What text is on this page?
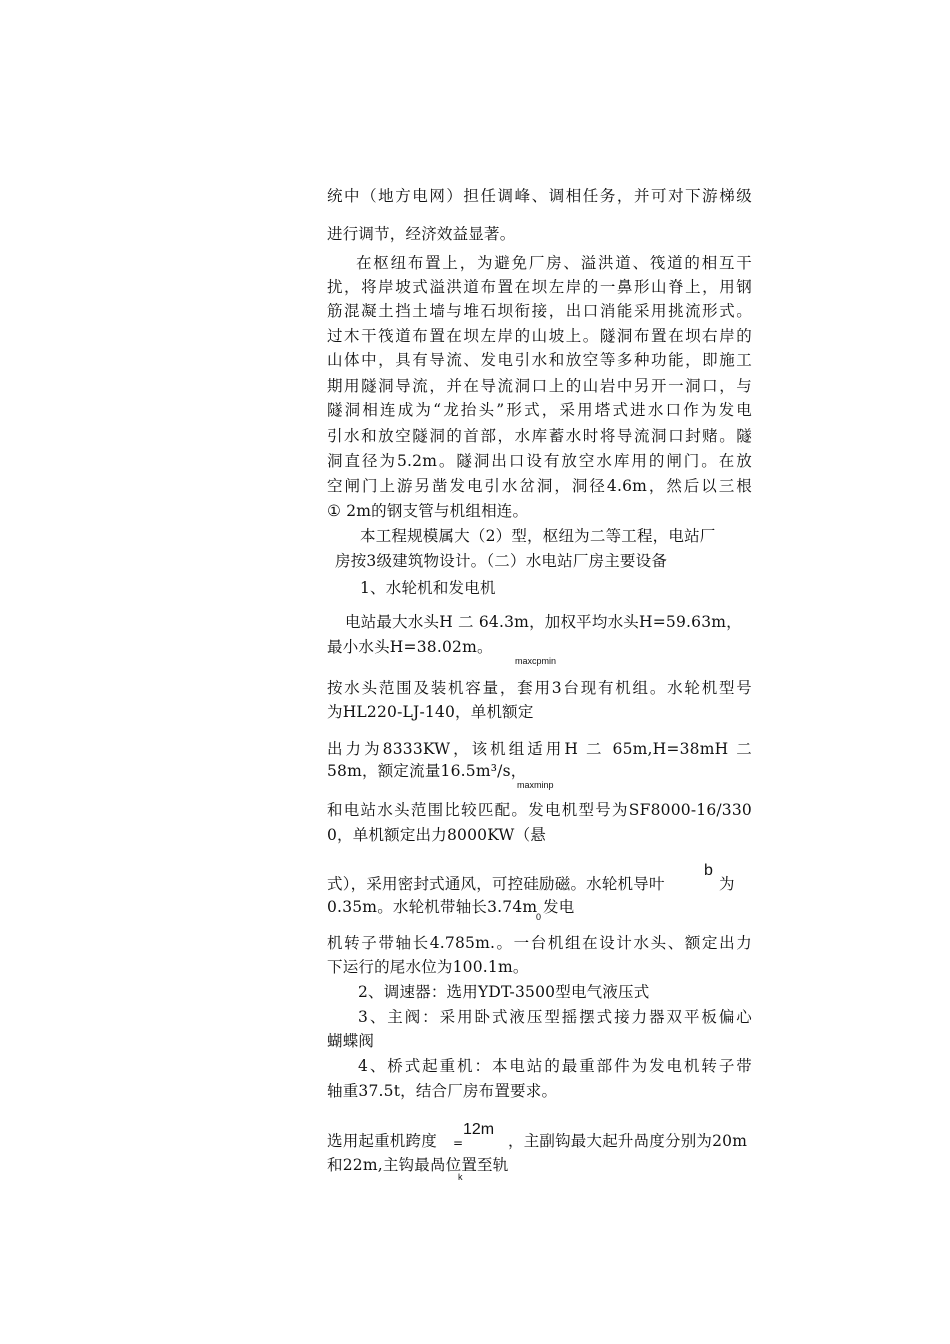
统中（地方电网）担任调峰、调相任务，并可对下游梯级
进行调节，经济效益显著。
在枢纽布置上，为避免厂房、溢洪道、筏道的相互干
扰，将岸坡式溢洪道布置在坝左岸的一鼻形山脊上，用钢
筋混凝土挡土墙与堆石坝衔接，出口消能采用挑流形式。
过木干筏道布置在坝左岸的山坡上。隧洞布置在坝右岸的
山体中，具有导流、发电引水和放空等多种功能，即施工
期用隧洞导流，并在导流洞口上的山岩中另开一洞口，与
隧洞相连成为“龙抬头”形式，采用塔式进水口作为发电
引水和放空隧洞的首部，水库蓄水时将导流洞口封赌。隧
洞直径为5.2m。隧洞出口设有放空水库用的闸门。在放
空闸门上游另凿发电引水岔洞，洞径4.6m，然后以三根
① 2m的钢支管与机组相连。
本工程规模属大（2）型，枢纽为二等工程，电站厂
房按3级建筑物设计。（二）水电站厂房主要设备
1、水轮机和发电机
电站最大水头H 二 64.3m，加权平均水头H=59.63m，
最小水头H=38.02m。
maxcpmin
按水头范围及装机容量，套用3台现有机组。水轮机型号
为HL220-LJ-140，单机额定
出力为8333KW，该机组适用H 二 65m,H=38mH 二
58m，额定流量16.5m³/s，
maxminp
和电站水头范围比较匹配。发电机型号为SF8000-16/330
0，单机额定出力8000KW（悬
式），采用密封式通风，可控硅励磁。水轮机导叶
b
为
0.35m。水轮机带轴长3.74m
0
发电
机转子带轴长4.785m.。一台机组在设计水头、额定出力
下运行的尾水位为100.1m。
2、调速器：选用YDT-3500型电气液压式
3、主阀：采用卧式液压型摇摆式接力器双平板偏心
蝴蝶阀
4、桥式起重机：本电站的最重部件为发电机转子带
轴重37.5t，结合厂房布置要求。
选用起重机跨度	=
12m
，主副钩最大起升咼度分别为20m
和22m,主钩最咼位置至轨
k
